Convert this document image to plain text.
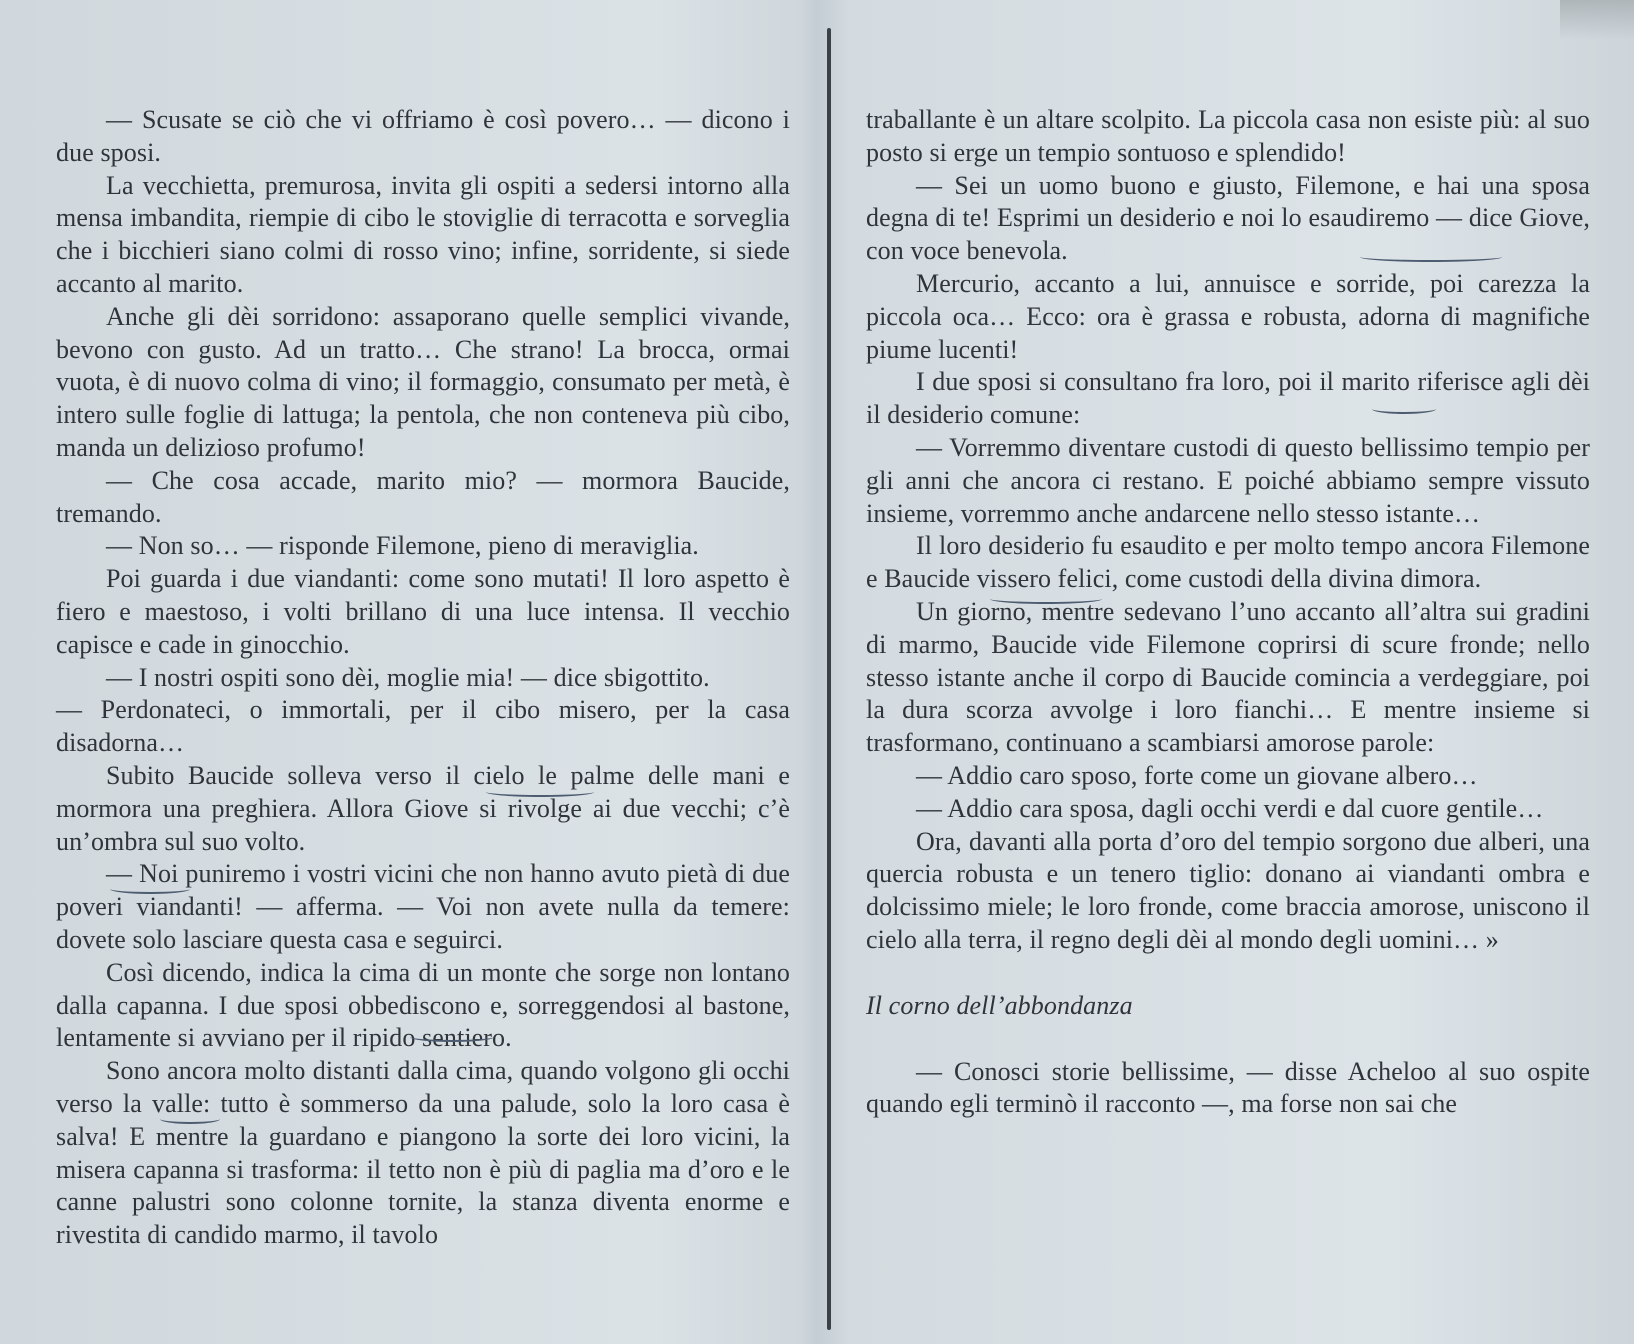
— Scusate se ciò che vi offriamo è così povero… — dicono i due sposi.

La vecchietta, premurosa, invita gli ospiti a sedersi intorno alla mensa imbandita, riempie di cibo le stoviglie di terracotta e sorveglia che i bicchieri siano colmi di rosso vino; infine, sorridente, si siede accanto al marito.

Anche gli dèi sorridono: assaporano quelle semplici vivande, bevono con gusto. Ad un tratto… Che strano! La brocca, ormai vuota, è di nuovo colma di vino; il formaggio, consumato per metà, è intero sulle foglie di lattuga; la pentola, che non conteneva più cibo, manda un delizioso profumo!

— Che cosa accade, marito mio? — mormora Baucide, tremando.

— Non so… — risponde Filemone, pieno di meraviglia.

Poi guarda i due viandanti: come sono mutati! Il loro aspetto è fiero e maestoso, i volti brillano di una luce intensa. Il vecchio capisce e cade in ginocchio.

— I nostri ospiti sono dèi, moglie mia! — dice sbigottito.

— Perdonateci, o immortali, per il cibo misero, per la casa disadorna…

Subito Baucide solleva verso il cielo le palme delle mani e mormora una preghiera. Allora Giove si rivolge ai due vecchi; c’è un’ombra sul suo volto.

— Noi puniremo i vostri vicini che non hanno avuto pietà di due poveri viandanti! — afferma. — Voi non avete nulla da temere: dovete solo lasciare questa casa e seguirci.

Così dicendo, indica la cima di un monte che sorge non lontano dalla capanna. I due sposi obbediscono e, sorreggendosi al bastone, lentamente si avviano per il ripido sentiero.

Sono ancora molto distanti dalla cima, quando volgono gli occhi verso la valle: tutto è sommerso da una palude, solo la loro casa è salva! E mentre la guardano e piangono la sorte dei loro vicini, la misera capanna si trasforma: il tetto non è più di paglia ma d’oro e le canne palustri sono colonne tornite, la stanza diventa enorme e rivestita di candido marmo, il tavolo

traballante è un altare scolpito. La piccola casa non esiste più: al suo posto si erge un tempio sontuoso e splendido!

— Sei un uomo buono e giusto, Filemone, e hai una sposa degna di te! Esprimi un desiderio e noi lo esaudiremo — dice Giove, con voce benevola.

Mercurio, accanto a lui, annuisce e sorride, poi carezza la piccola oca… Ecco: ora è grassa e robusta, adorna di magnifiche piume lucenti!

I due sposi si consultano fra loro, poi il marito riferisce agli dèi il desiderio comune:

— Vorremmo diventare custodi di questo bellissimo tempio per gli anni che ancora ci restano. E poiché abbiamo sempre vissuto insieme, vorremmo anche andarcene nello stesso istante…

Il loro desiderio fu esaudito e per molto tempo ancora Filemone e Baucide vissero felici, come custodi della divina dimora.

Un giorno, mentre sedevano l’uno accanto all’altra sui gradini di marmo, Baucide vide Filemone coprirsi di scure fronde; nello stesso istante anche il corpo di Baucide comincia a verdeggiare, poi la dura scorza avvolge i loro fianchi… E mentre insieme si trasformano, continuano a scambiarsi amorose parole:

— Addio caro sposo, forte come un giovane albero…

— Addio cara sposa, dagli occhi verdi e dal cuore gentile…

Ora, davanti alla porta d’oro del tempio sorgono due alberi, una quercia robusta e un tenero tiglio: donano ai viandanti ombra e dolcissimo miele; le loro fronde, come braccia amorose, uniscono il cielo alla terra, il regno degli dèi al mondo degli uomini… »

Il corno dell’abbondanza

— Conosci storie bellissime, — disse Acheloo al suo ospite quando egli terminò il racconto —, ma forse non sai che
